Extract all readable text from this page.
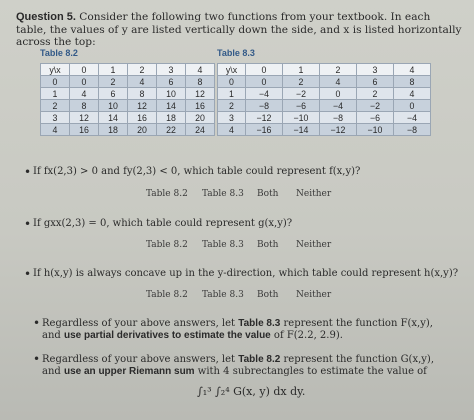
Question 5. Consider the following two functions from your textbook. In each table, the values of y are listed vertically down the side, and x is listed horizontally across the top:
Table 8.2	Table 8.3
y\x	0	1	2	3	4
0	0	2	4	6	8
1	4	6	8	10	12
2	8	10	12	14	16
3	12	14	16	18	20
4	16	18	20	22	24
y\x	0	1	2	3	4
0	0	2	4	6	8
1	−4	−2	0	2	4
2	−8	−6	−4	−2	0
3	−12	−10	−8	−6	−4
4	−16	−14	−12	−10	−8
• If fx(2,3) > 0 and fy(2,3) < 0, which table could represent f(x,y)?
Table 8.2 Table 8.3 Both Neither
• If gxx(2,3) = 0, which table could represent g(x,y)?
Table 8.2 Table 8.3 Both Neither
• If h(x,y) is always concave up in the y-direction, which table could represent h(x,y)?
Table 8.2 Table 8.3 Both Neither
• Regardless of your above answers, let Table 8.3 represent the function F(x,y), and use partial derivatives to estimate the value of F(2.2, 2.9).
• Regardless of your above answers, let Table 8.2 represent the function G(x,y), and use an upper Riemann sum with 4 subrectangles to estimate the value of
∫₁³ ∫₂⁴ G(x, y) dx dy.
